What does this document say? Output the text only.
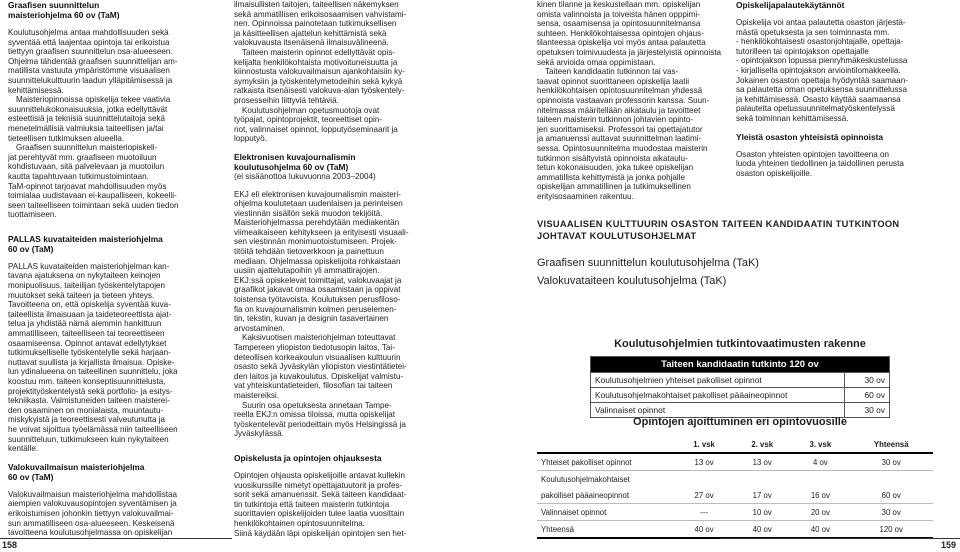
Graafisen suunnittelun
maisteriohjelma 60 ov (TaM)

Koulutusohjelma antaa mahdollisuuden sekä
syventää että laajentaa opintoja tai erikoistua
tiettyyn graafisen suunnittelun osa-alueeseen.
Ohjelma tähdentää graafisen suunnittelijan am-
matillista vastuuta ympäristömme visuaalisen
suunnittelukulttuurin laadun ylläpitämisessä ja
kehittämisessä.

Maisteriopinnoissa opiskelija tekee vaativia
suunnittelukokonaisuuksia, jotka edellyttävät
esteettisiä ja teknisiä suunnittelutaitoja sekä
menetelmällisiä valmiuksia taiteellisen ja/tai
tieteellisen tutkimuksen alueella.

Graafisen suunnittelun maisteriopiskeli-
jat perehtyvät mm. graafiseen muotoiluun
kohdistuvaan, sitä palvelevaan ja muotoilun
kautta tapahtuvaan tutkimustoimintaan.
TaM-opinnot tarjoavat mahdollisuuden myös
toimialaa uudistavaan ei-kaupalliseen, kokeelli-
seen taiteelliseen toimintaan sekä uuden tiedon
tuottamiseen.

PALLAS kuvataiteiden maisteriohjelma
60 ov (TaM)

PALLAS kuvataiteiden maisteriohjelman kan-
tavana ajatuksena on nykytaiteen keinojen
monipuolisuus, taiteilijan työskentelytapojen
muutokset sekä taiteen ja tieteen yhteys.
Tavoitteena on, että opiskelija syventää kuva-
taiteellista ilmaisuaan ja taideteoreettista ajat-
telua ja yhdistää nämä aiemmin hankittuun
ammatilliseen, taiteelliseen tai teoreettiseen
osaamiseensa. Opinnot antavat edellytykset
tutkimukselliselle työskentelylle sekä harjaan-
nuttavat suullista ja kirjallista ilmaisua. Opiske-
lun ydinalueena on taiteellinen suunnittelu, joka
koostuu mm. taiteen konseptisuunnittelusta,
projektityöskentelystä sekä portfolio- ja esitys-
tekniikasta. Valmistuneiden taiteen maisterei-
den osaaminen on monialaista, muuntautu-
miskykyistä ja teoreettisesti valveutunutta ja
he voivat sijoittua työelämässä niin taiteelliseen
suunnitteluun, tutkimukseen kuin nykytaiteen
kentälle.

Valokuvailmaisun maisteriohjelma
60 ov (TaM)

Valokuvailmaisun maisteriohjelma mahdollistaa
aiempien valokuvausopintojen syventämisen ja
erikoistumisen johonkin tiettyyn valokuvailmai-
sun ammatilliseen osa-alueeseen. Keskeisenä
tavoitteena koulutusohjelmassa on opiskelijan

158

ilmaisullisten taitojen, taiteellisen näkemyksen
sekä ammatillisen erikoisosaamisen vahvistami-
nen. Opinnoissa painotetaan tutkimuksellisen
ja käsitteellisen ajattelun kehittämistä sekä
valokuvausta itsenäisenä ilmaisuvälineenä.

Taiteen maisterin opinnot edellyttävät opis-
kelijalta henkilökohtaista motivoituneisuutta ja
kiinnostusta valokuvailmaisun ajankohtaisiin ky-
symyksiin ja työskentelymetodeihin sekä kykyä
ratkaista itsenäisesti valokuva-alan työskentely-
prosesseihin liittyviä tehtäviä.

Koulutusohjelman opetusmuotoja ovat
työpajat, opintoprojektit, teoreettiset opin-
not, valinnaiset opinnot, lopputyöseminaarit ja
lopputyö.

Elektronisen kuvajournalismin
koulutusohjelma 60 ov (TaM)

(ei sisäänottoa lukuvuonna 2003–2004)

EKJ eli elektronisen kuvajournalismin maisteri-
ohjelma koulutetaan uudenlaisen ja perinteisen
viestinnän sisällön sekä muodon tekijöitä.
Maisteriohjelmassa perehdytään mediakentän
viimeaikaiseen kehitykseen ja erityisesti visuaali-
sen viestinnän monimuotoistumiseen. Projek-
titöitä tehdään tietoverkkoon ja painettuun
mediaan. Ohjelmassa opiskelijoita rohkaistaan
uusiin ajattelutapoihin yli ammattirajojen.
EKJ:ssä opiskelevat toimittajat, valokuvaajat ja
graafikot jakavat omaa osaamistaan ja oppivat
toistensa työtavoista. Koulutuksen perusfiloso-
fia on kuvajournalismin kolmen peruselemen-
tin, tekstin, kuvan ja designin tasavertainen
arvostaminen.

Kaksivuotisen maisteriohjelman toteuttavat
Tampereen yliopiston tiedotusopin laitos, Tai-
deteollisen korkeakoulun visuaalisen kulttuurin
osasto sekä Jyväskylän yliopiston viestintätietei-
den laitos ja kuvakoulutus. Opiskelijat valmistu-
vat yhteiskuntatieteiden, filosofian tai taiteen
maistereiksi.

Suurin osa opetuksesta annetaan Tampe-
reella EKJ:n omissa tiloissa, mutta opiskelijat
työskentelevät periodeittain myös Helsingissä ja
Jyväskylässä.

Opiskelusta ja opintojen ohjauksesta

Opintojen ohjausta opiskelijoille antavat kullekin
vuosikurssille nimetyt opettajatuutorit ja profes-
sorit sekä amanuenssit. Sekä taiteen kandidaat-
tin tutkintoja että taiteen maisterin tutkintoja
suorittavien opiskelijoiden tulee laatia vuosittain
henkilökohtainen opintosuunnitelma.
Siinä käydään läpi opiskelijan opintojen sen het-

kinen tilanne ja keskustellaan mm. opiskelijan
omista valinnoista ja toiveista hänen opppimi-
sensa, osaamisensa ja opintosuunnitelmansa
suhteen. Henkilökohtaisessa opintojen ohjaus-
tilanteessa opiskelija voi myös antaa palautetta
opetuksen toimivuudesta ja järjestelyistä opinnoista
sekä arvioida omaa oppimistaan.

Taiteen kandidaatin tutkinnon tai vas-
taavat opinnot suorittaneen opiskelija laatii
henkilökohtaisen opintosuunnitelman yhdessä
opinnoista vastaavan professorin kanssa. Suun-
nitelmassa määritellään aikataulu ja tavoitteet
taiteen maisterin tutkinnon johtavien opinto-
jen suorittamiseksi. Professori tai opettajatutor
ja amanuenssi auttavat suunnittelman laatimi-
sessa. Opintosuunnitelma muodostaa maisterin
tutkinnon sisältyvistä opinnoista aikataulu-
tetun kokonaisuuden, joka tukee opiskelijan
ammatillista kehittymistä ja jonka pohjalle
opiskelijan ammatillinen ja tutkimuksellinen
erityisosaaminen rakentuu.

Opiskelijapalautekäytännöt

Opiskelija voi antaa palautetta osaston järjestä-
mästä opetuksesta ja sen toiminnasta mm.
- henkilökohtaisesti osastonjohtajalle, opettaja-
tutorilleen tai opintojakson opettajalle
- opintojakson lopussa pienryhmäkeskustelussa
- kirjallisella opintojakson arviointilomakkeella.
Jokainen osaston opettaja hyödyntää saamaan-
sa palautetta oman opetuksensa suunnittelussa
ja kehittämisessä. Osasto käyttää saamaansa
palautetta opetussuunnitelmatyöskentelyssä
sekä toiminnan kehittämisessä.

Yleistä osaston yhteisistä opinnoista

Osaston yhteisten opintojen tavoitteena on
luoda yhteinen tiedollinen ja taidollinen perusta
osaston opiskelijoille.

VISUAALISEN KULTTUURIN OSASTON TAITEEN KANDIDAATIN TUTKINTOON
JOHTAVAT KOULUTUSOHJELMAT
Graafisen suunnittelun koulutusohjelma (TaK)
Valokuvataiteen koulutusohjelma (TaK)
Koulutusohjelmien tutkintovaatimusten rakenne
Taiteen kandidaatin tutkinto 120 ov	
Koulutusohjelmien yhteiset pakolliset opinnot	30 ov
Koulutusohjelmakohtaiset pakolliset pääaineopinnot	60 ov
Valinnaiset opinnot	30 ov
Opintojen ajoittuminen eri opintovuosille
	1. vsk	2. vsk	3. vsk	Yhteensä
Yhteiset pakolliset opinnot	13 ov	13 ov	4 ov	30 ov
Koulutusohjelmakohtaiset				
pakolliset pääaineopinnot	27 ov	17 ov	16 ov	60 ov
Valinnaiset opinnot	---	10 ov	20 ov	30 ov
Yhteensä	40 ov	40 ov	40 ov	120 ov
159
